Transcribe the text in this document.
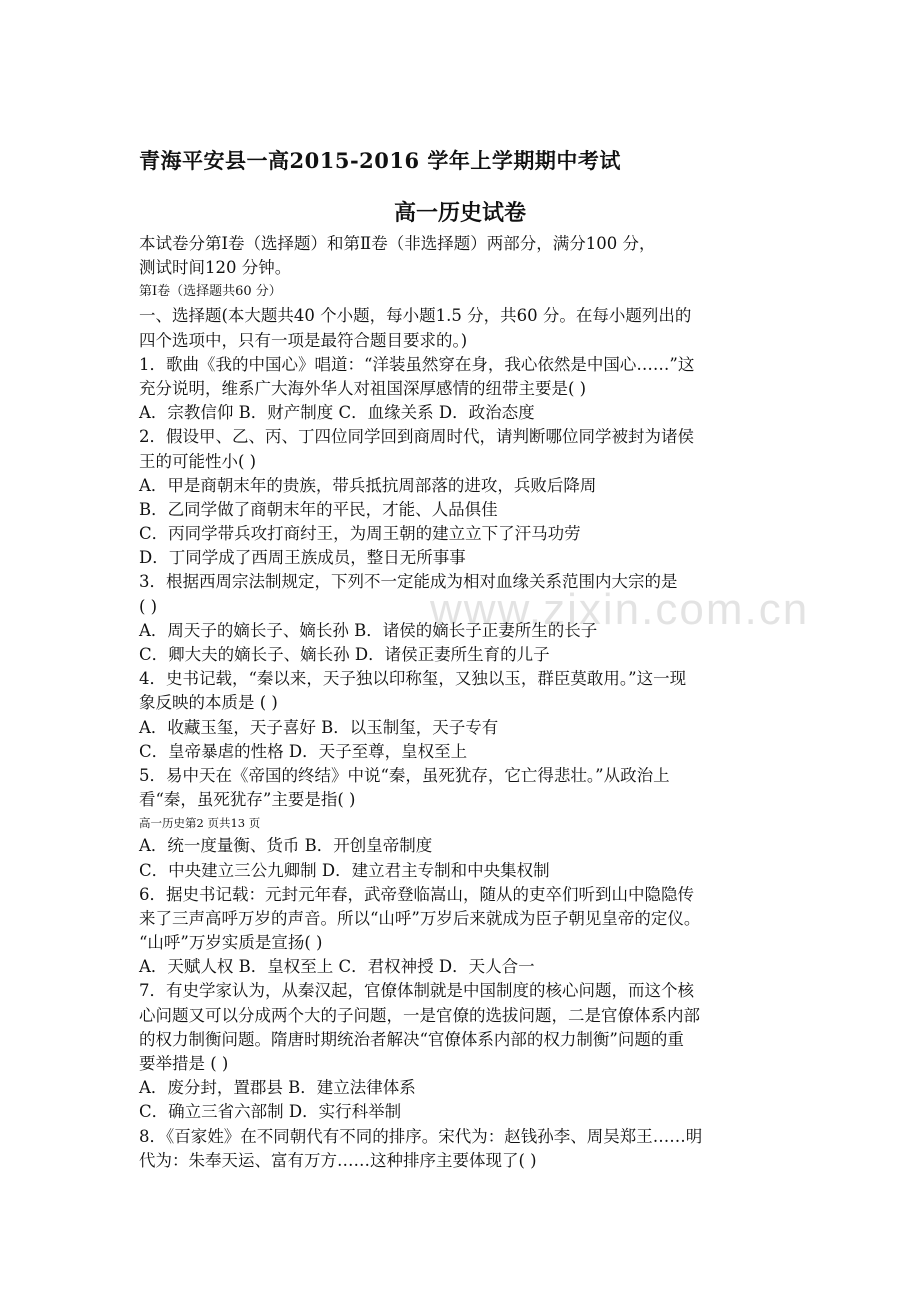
青海平安县一高2015-2016 学年上学期期中考试
高一历史试卷
www.zixin.com.cn
本试卷分第Ⅰ卷（选择题）和第Ⅱ卷（非选择题）两部分，满分100 分，
测试时间120 分钟。
第Ⅰ卷（选择题共60 分）
一、选择题(本大题共40 个小题，每小题1.5 分，共60 分。在每小题列出的
四个选项中，只有一项是最符合题目要求的。)
1．歌曲《我的中国心》唱道：“洋装虽然穿在身，我心依然是中国心……”这
充分说明，维系广大海外华人对祖国深厚感情的纽带主要是( )
A．宗教信仰 B．财产制度 C．血缘关系 D．政治态度
2．假设甲、乙、丙、丁四位同学回到商周时代，请判断哪位同学被封为诸侯
王的可能性小( )
A．甲是商朝末年的贵族，带兵抵抗周部落的进攻，兵败后降周
B．乙同学做了商朝末年的平民，才能、人品俱佳
C．丙同学带兵攻打商纣王，为周王朝的建立立下了汗马功劳
D．丁同学成了西周王族成员，整日无所事事
3．根据西周宗法制规定，下列不一定能成为相对血缘关系范围内大宗的是
( )
A．周天子的嫡长子、嫡长孙 B．诸侯的嫡长子正妻所生的长子
C．卿大夫的嫡长子、嫡长孙 D．诸侯正妻所生育的儿子
4．史书记载，“秦以来，天子独以印称玺，又独以玉，群臣莫敢用。”这一现
象反映的本质是 ( )
A．收藏玉玺，天子喜好 B．以玉制玺，天子专有
C．皇帝暴虐的性格 D．天子至尊，皇权至上
5．易中天在《帝国的终结》中说“秦，虽死犹存，它亡得悲壮。”从政治上
看“秦，虽死犹存”主要是指( )
高一历史第2 页共13 页
A．统一度量衡、货币 B．开创皇帝制度
C．中央建立三公九卿制 D．建立君主专制和中央集权制
6．据史书记载：元封元年春，武帝登临嵩山，随从的吏卒们听到山中隐隐传
来了三声高呼万岁的声音。所以“山呼”万岁后来就成为臣子朝见皇帝的定仪。
“山呼”万岁实质是宣扬( )
A．天赋人权 B．皇权至上 C．君权神授 D．天人合一
7．有史学家认为，从秦汉起，官僚体制就是中国制度的核心问题，而这个核
心问题又可以分成两个大的子问题，一是官僚的选拔问题，二是官僚体系内部
的权力制衡问题。隋唐时期统治者解决“官僚体系内部的权力制衡”问题的重
要举措是 ( )
A．废分封，置郡县 B．建立法律体系
C．确立三省六部制 D．实行科举制
8．《百家姓》在不同朝代有不同的排序。宋代为：赵钱孙李、周吴郑王……明
代为：朱奉天运、富有万方……这种排序主要体现了( )
